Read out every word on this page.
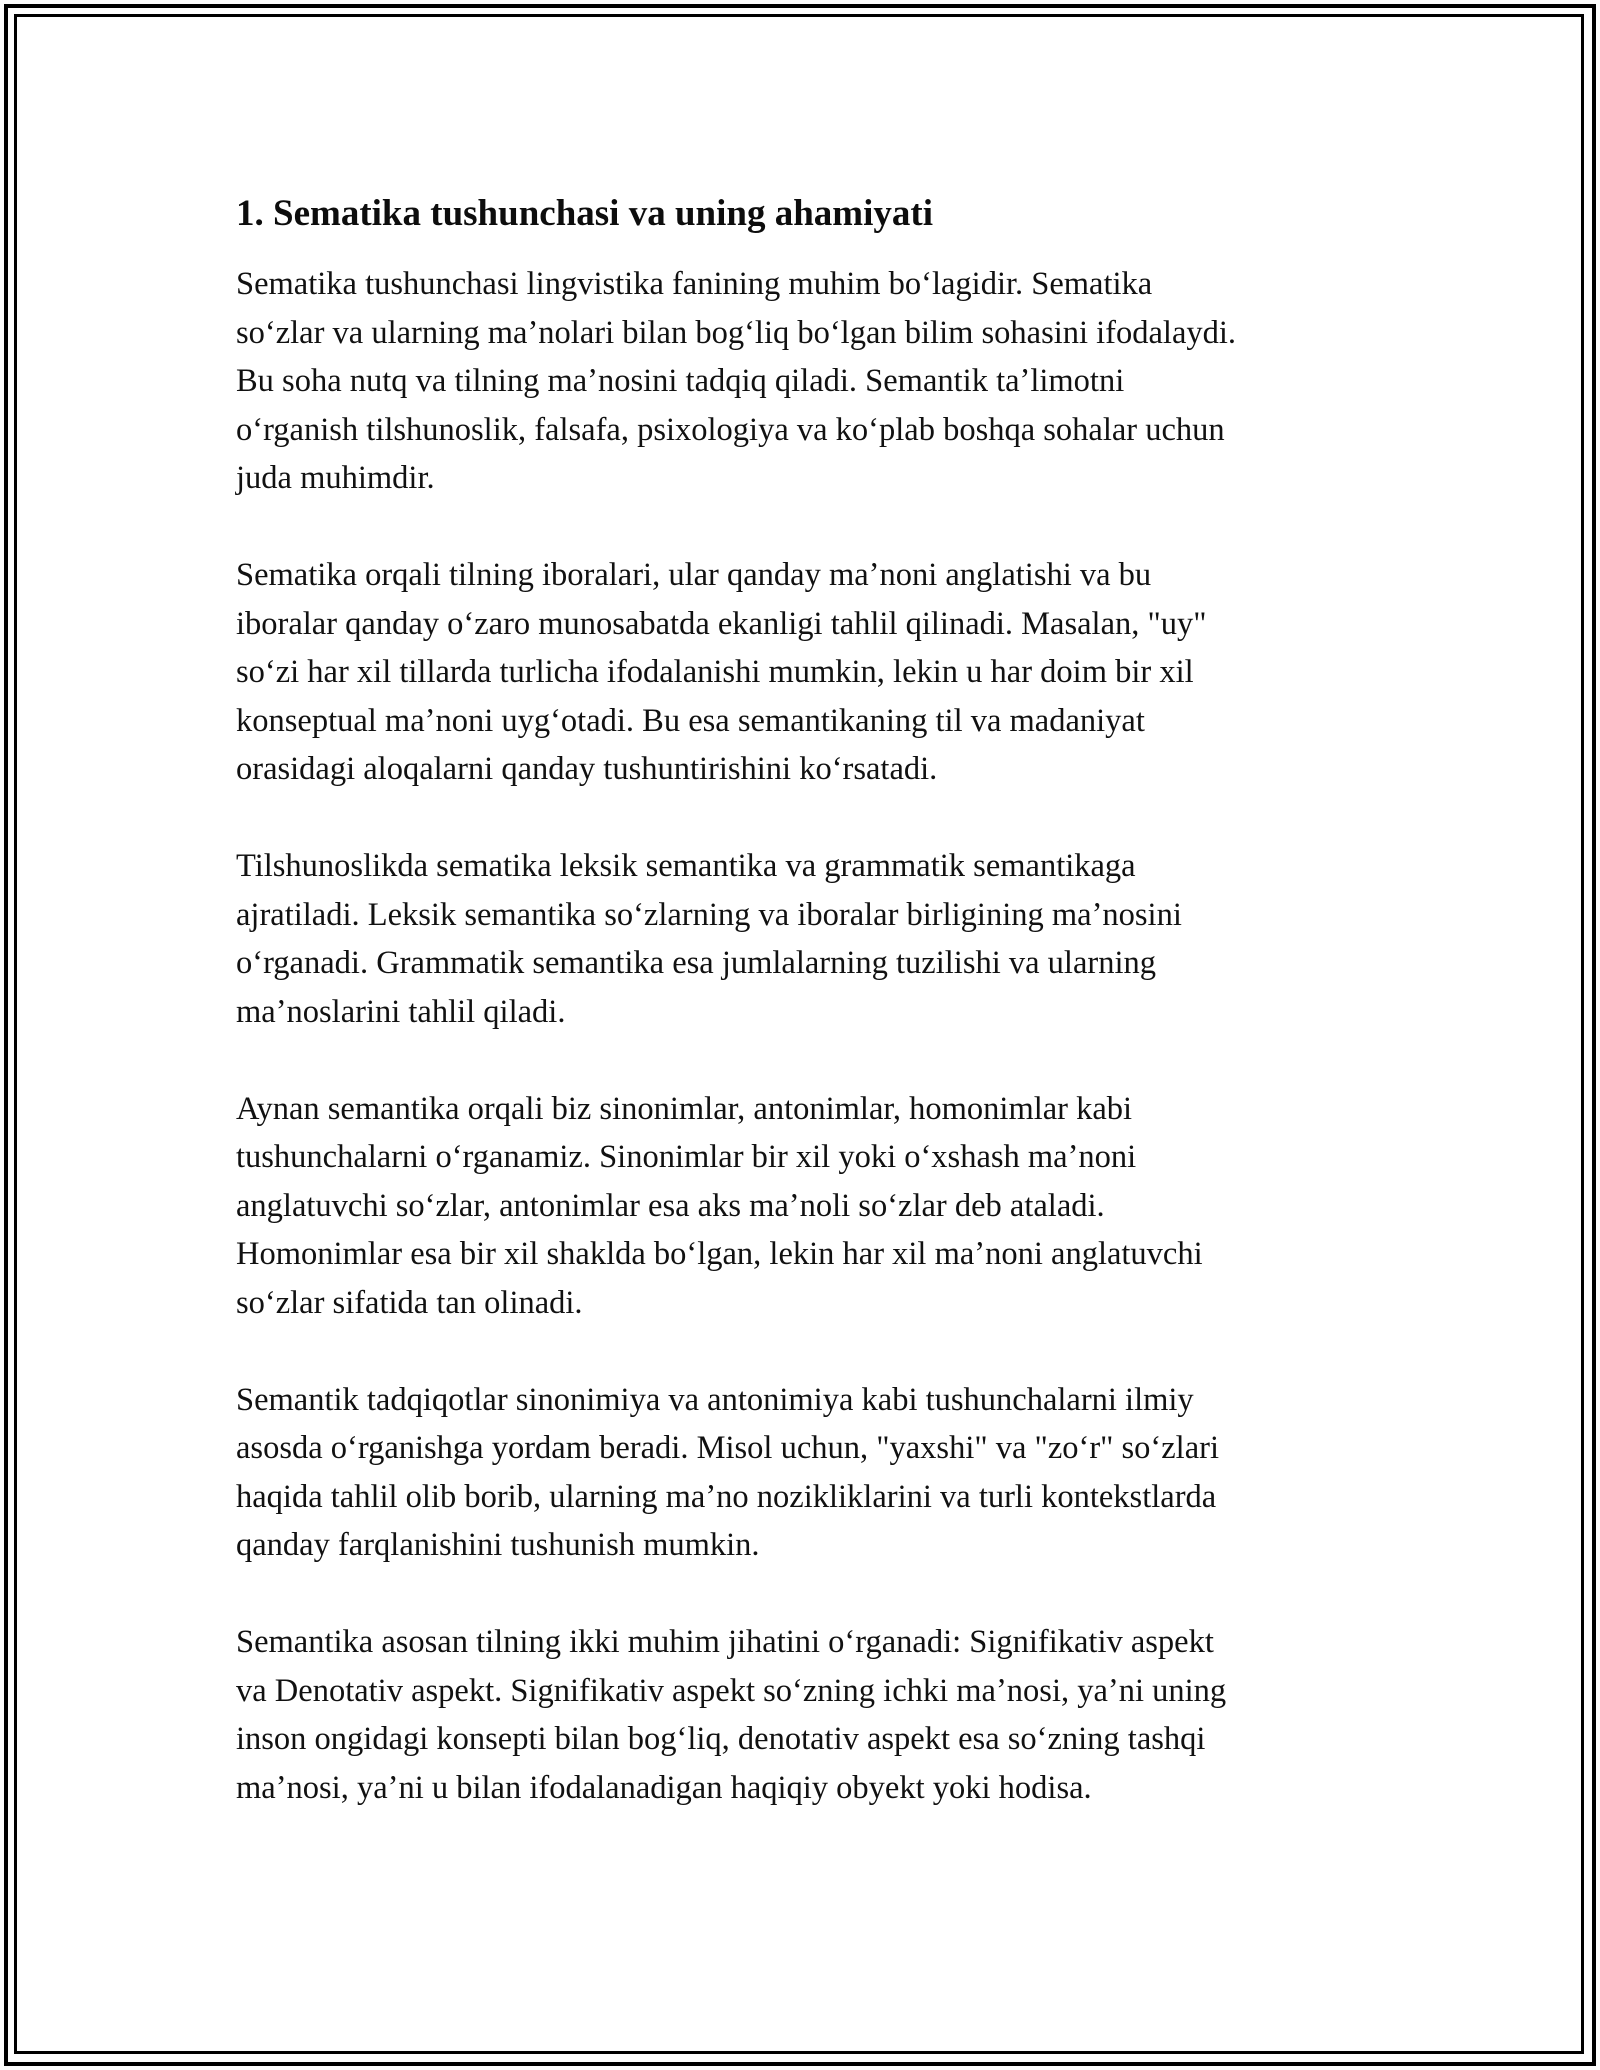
1. Sematika tushunchasi va uning ahamiyati

Sematika tushunchasi lingvistika fanining muhim boʻlagidir. Sematika
soʻzlar va ularning maʼnolari bilan bogʻliq boʻlgan bilim sohasini ifodalaydi.
Bu soha nutq va tilning maʼnosini tadqiq qiladi. Semantik taʼlimotni
oʻrganish tilshunoslik, falsafa, psixologiya va koʻplab boshqa sohalar uchun
juda muhimdir.

Sematika orqali tilning iboralari, ular qanday maʼnoni anglatishi va bu
iboralar qanday oʻzaro munosabatda ekanligi tahlil qilinadi. Masalan, "uy"
soʻzi har xil tillarda turlicha ifodalanishi mumkin, lekin u har doim bir xil
konseptual maʼnoni uygʻotadi. Bu esa semantikaning til va madaniyat
orasidagi aloqalarni qanday tushuntirishini koʻrsatadi.

Tilshunoslikda sematika leksik semantika va grammatik semantikaga
ajratiladi. Leksik semantika soʻzlarning va iboralar birligining maʼnosini
oʻrganadi. Grammatik semantika esa jumlalarning tuzilishi va ularning
maʼnoslarini tahlil qiladi.

Aynan semantika orqali biz sinonimlar, antonimlar, homonimlar kabi
tushunchalarni oʻrganamiz. Sinonimlar bir xil yoki oʻxshash maʼnoni
anglatuvchi soʻzlar, antonimlar esa aks maʼnoli soʻzlar deb ataladi.
Homonimlar esa bir xil shaklda boʻlgan, lekin har xil maʼnoni anglatuvchi
soʻzlar sifatida tan olinadi.

Semantik tadqiqotlar sinonimiya va antonimiya kabi tushunchalarni ilmiy
asosda oʻrganishga yordam beradi. Misol uchun, "yaxshi" va "zoʻr" soʻzlari
haqida tahlil olib borib, ularning maʼno nozikliklarini va turli kontekstlarda
qanday farqlanishini tushunish mumkin.

Semantika asosan tilning ikki muhim jihatini oʻrganadi: Signifikativ aspekt
va Denotativ aspekt. Signifikativ aspekt soʻzning ichki maʼnosi, yaʼni uning
inson ongidagi konsepti bilan bogʻliq, denotativ aspekt esa soʻzning tashqi
maʼnosi, yaʼni u bilan ifodalanadigan haqiqiy obyekt yoki hodisa.
